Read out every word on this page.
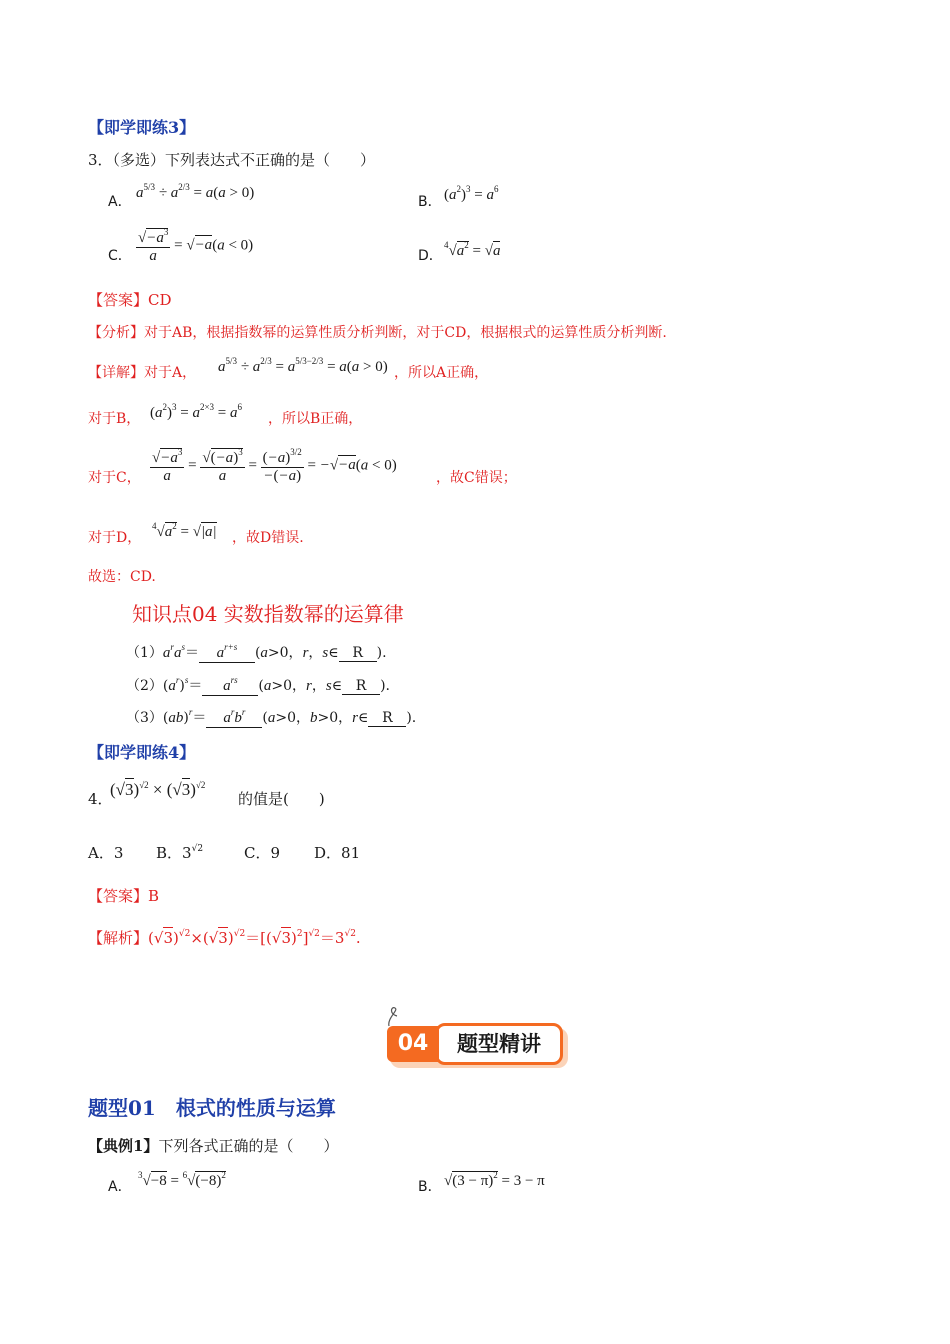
【即学即练3】
3．（多选）下列表达式不正确的是（　　）
A．
$a^{5/3} \div a^{2/3} = a(a > 0)$
B． $(a^2)^3 = a^6$
C． $\frac{√-a^3}{a} = √-a(a < 0)$
D．
$^4√a^2 = √a$
【答案】CD
【分析】对于AB，根据指数幂的运算性质分析判断，对于CD，根据根式的运算性质分析判断.
【详解】对于A， $a^{5/3} \div a^{2/3} = a^{5/3-2/3} = a(a > 0)$ ，所以A正确，
对于B， $(a^2)^3 = a^{2\times 3} = a^6$
，所以B正确，
对于C， $\frac{√-a^3}{a} = \frac{√(-a)^3}{a} = \frac{(-a)^{3/2}}{-(-a)} = -√-a(a < 0)$
，故C错误；
对于D，
$^4√a^2 = √|a|$ ，故D错误.
故选：CD.
知识点04 实数指数幂的运算律
$(1)a^ra^s= a^{r+s}$ (a>0，r，s∈ R ).
$(2)(a^r)^s= a^{rs}$ (a>0，r，s∈ R ).
$(3)(ab)^r= a^rb^r$ (a>0，b>0，r∈ R ).
【即学即练4】
4．
$(√3)^{√2} \times (√3)^{√2}$
的值是(　　)
A．3 B．$3^{√2}$	C．9 D．81
【答案】B
【解析】$(√3)^{√2}\times(√3)^{√2}=[(√3)^2]^{√2}=3^{√2}$.
题型精讲
04
题型01　根式的性质与运算
【典例1】下列各式正确的是（　　）
A．
$^3√-8 = ^6√(-8)^2$
B． $√(3 - \pi)^2 = 3 - \pi$
